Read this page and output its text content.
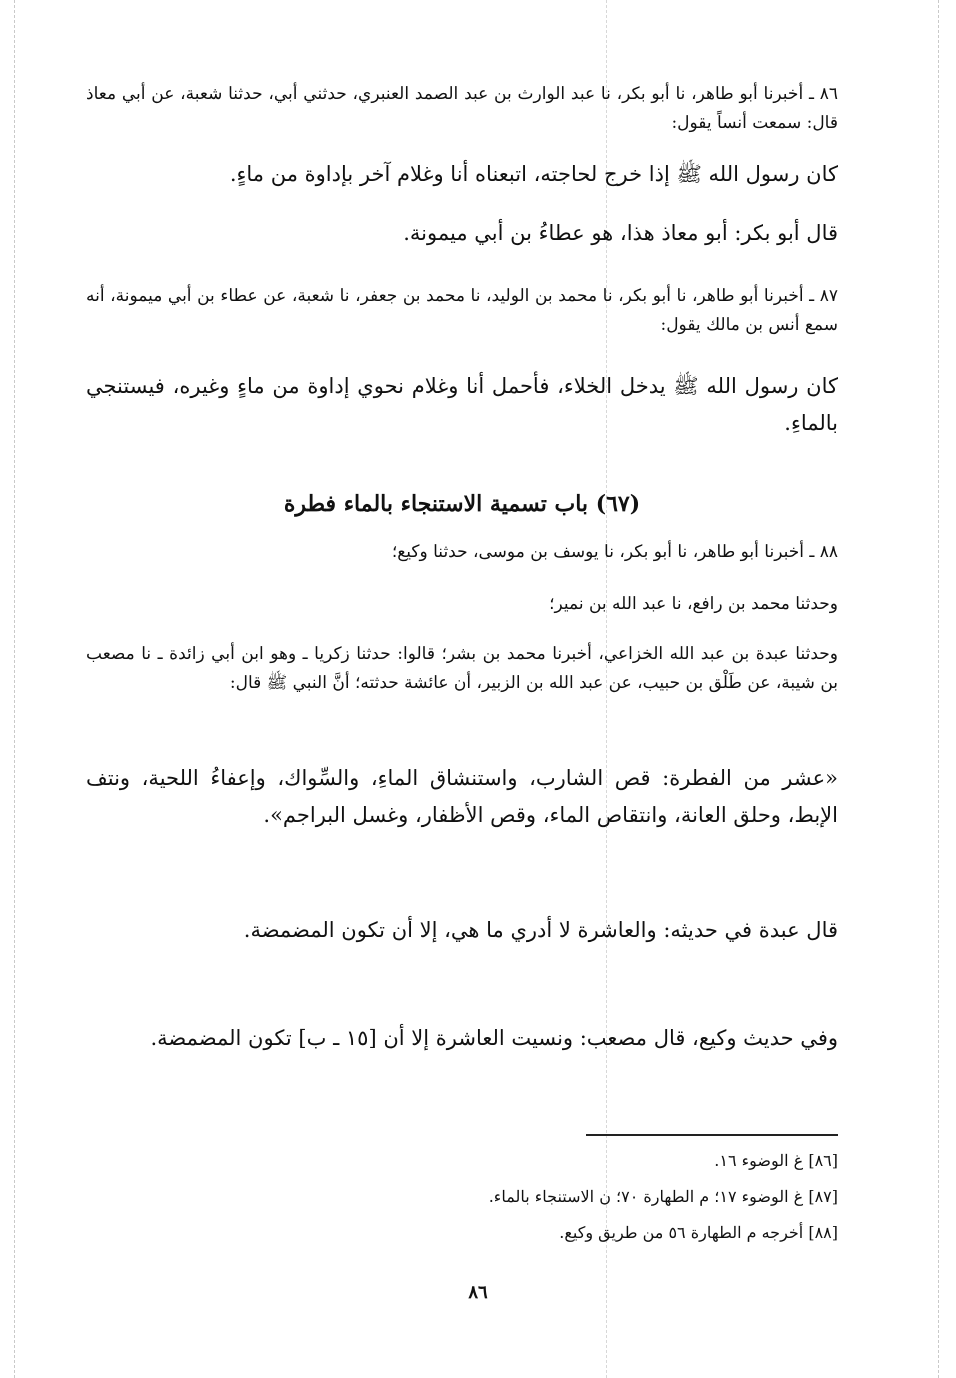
٨٦ ـ أخبرنا أبو طاهر، نا أبو بكر، نا عبد الوارث بن عبد الصمد العنبري، حدثني أبي، حدثنا شعبة، عن أبي معاذ قال: سمعت أنساً يقول:
كان رسول الله ﷺ إذا خرج لحاجته، اتبعناه أنا وغلام آخر بإداوة من ماءٍ.
قال أبو بكر: أبو معاذ هذا، هو عطاءُ بن أبي ميمونة.
٨٧ ـ أخبرنا أبو طاهر، نا أبو بكر، نا محمد بن الوليد، نا محمد بن جعفر، نا شعبة، عن عطاء بن أبي ميمونة، أنه سمع أنس بن مالك يقول:
كان رسول الله ﷺ يدخل الخلاء، فأحمل أنا وغلام نحوي إداوة من ماءٍ وغيره، فيستنجي بالماءِ.
(٦٧) باب تسمية الاستنجاء بالماء فطرة
٨٨ ـ أخبرنا أبو طاهر، نا أبو بكر، نا يوسف بن موسى، حدثنا وكيع؛
وحدثنا محمد بن رافع، نا عبد الله بن نمير؛
وحدثنا عبدة بن عبد الله الخزاعي، أخبرنا محمد بن بشر؛ قالوا: حدثنا زكريا ـ وهو ابن أبي زائدة ـ نا مصعب بن شيبة، عن طَلْق بن حبيب، عن عبد الله بن الزبير، أن عائشة حدثته؛ أنَّ النبي ﷺ قال:
«عشر من الفطرة: قص الشارب، واستنشاق الماءِ، والسِّواك، وإعفاءُ اللحية، ونتف الإبط، وحلق العانة، وانتقاص الماء، وقص الأظفار، وغسل البراجم».
قال عبدة في حديثه: والعاشرة لا أدري ما هي، إلا أن تكون المضمضة.
وفي حديث وكيع، قال مصعب: ونسيت العاشرة إلا أن [١٥ ـ ب] تكون المضمضة.
[٨٦] غ الوضوء ١٦.
[٨٧] غ الوضوء ١٧؛ م الطهارة ٧٠؛ ن الاستنجاء بالماء.
[٨٨] أخرجه م الطهارة ٥٦ من طريق وكيع.
٨٦
